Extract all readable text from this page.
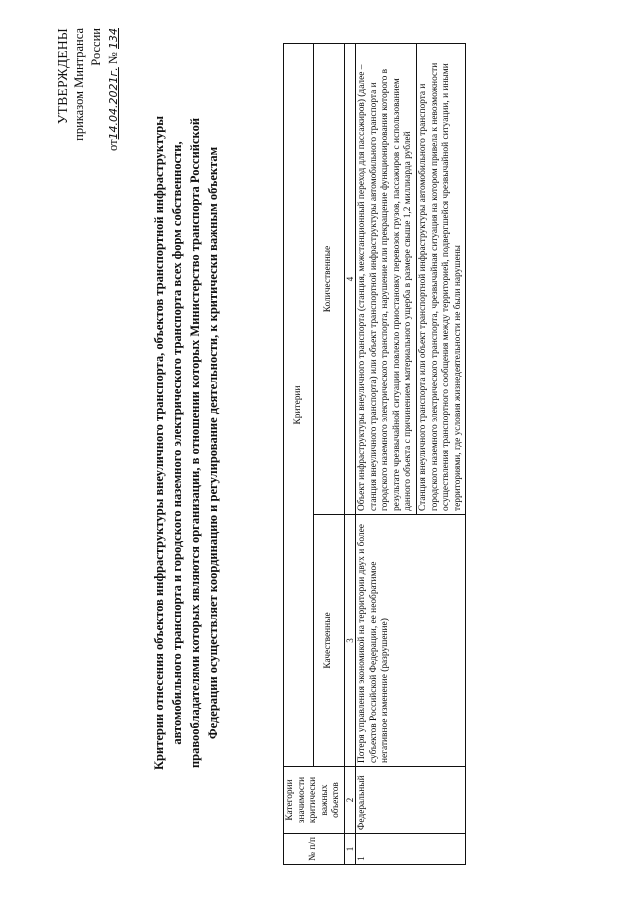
УТВЕРЖДЕНЫ приказом Минтранса России
от14.04.2021г. № 134
Критерии отнесения объектов инфраструктуры внеуличного транспорта, объектов транспортной инфраструктуры автомобильного транспорта и городского наземного электрического транспорта всех форм собственности, правообладателями которых являются организации, в отношении которых Министерство транспорта Российской Федерации осуществляет координацию и регулирование деятельности, к критически важным объектам
№ п/п	Категории значимости критически важных объектов	Критерии	
		Качественные	Количественные
1	2	3	4
1	Федеральный	Потеря управления экономикой на территории двух и более субъектов Российской Федерации, ее необратимое негативное изменение (разрушение)	Объект инфраструктуры внеуличного транспорта (станция, межстанционный переход для пассажиров) (далее – станция внеуличного транспорта) или объект транспортной инфраструктуры автомобильного транспорта и городского наземного электрического транспорта, нарушение или прекращение функционирования которого в результате чрезвычайной ситуации повлекло приостановку перевозок грузов, пассажиров с использованием данного объекта с причинением материального ущерба в размере свыше 1,2 миллиарда рублей
			Станция внеуличного транспорта или объект транспортной инфраструктуры автомобильного транспорта и городского наземного электрического транспорта, чрезвычайная ситуация на котором привела к невозможности осуществления транспортного сообщения между территорией, подвергшейся чрезвычайной ситуации, и иными территориями, где условия жизнедеятельности не были нарушены
